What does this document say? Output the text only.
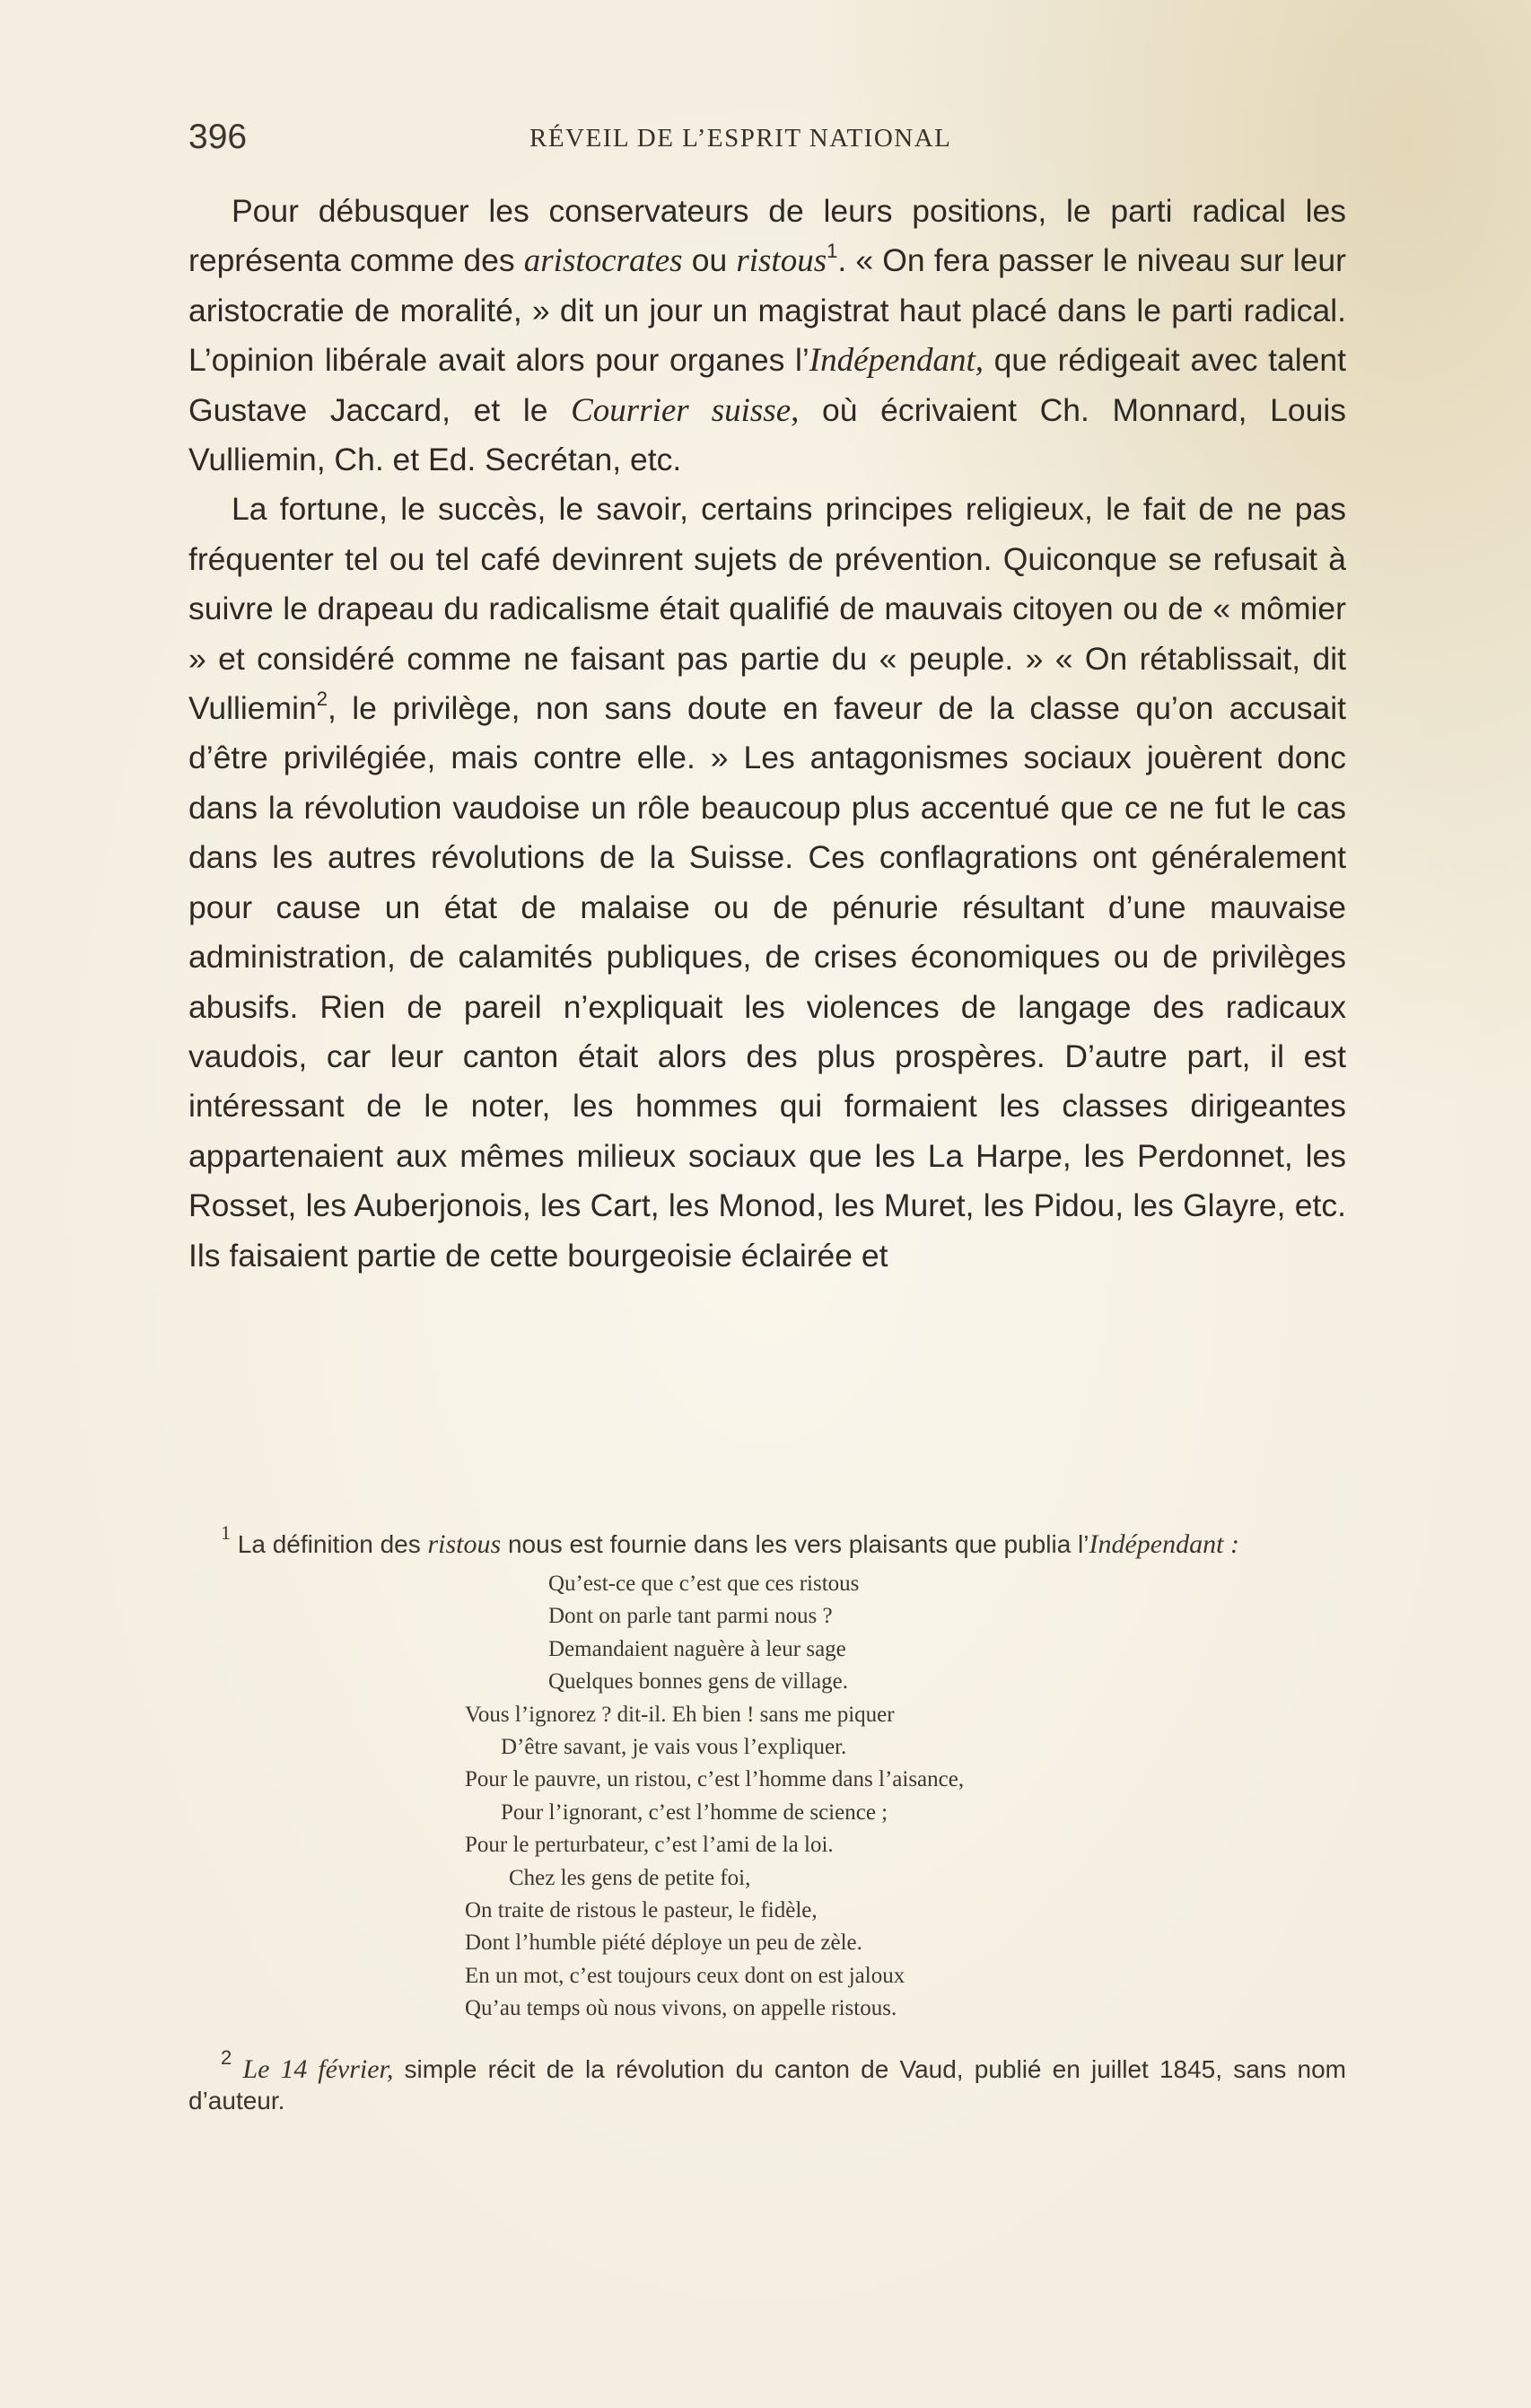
396	RÉVEIL DE L’ESPRIT NATIONAL

Pour débusquer les conservateurs de leurs positions, le parti radical les représenta comme des aristocrates ou ristous$^1$. « On fera passer le niveau sur leur aristocratie de moralité, » dit un jour un magistrat haut placé dans le parti radical. L’opinion libérale avait alors pour organes l’Indépendant, que rédigeait avec talent Gustave Jaccard, et le Courrier suisse, où écrivaient Ch. Monnard, Louis Vulliemin, Ch. et Ed. Secrétan, etc.

La fortune, le succès, le savoir, certains principes religieux, le fait de ne pas fréquenter tel ou tel café devinrent sujets de prévention. Quiconque se refusait à suivre le drapeau du radicalisme était qualifié de mauvais citoyen ou de « mômier » et considéré comme ne faisant pas partie du « peuple. » « On rétablissait, dit Vulliemin$^2$, le privilège, non sans doute en faveur de la classe qu’on accusait d’être privilégiée, mais contre elle. » Les antagonismes sociaux jouèrent donc dans la révolution vaudoise un rôle beaucoup plus accentué que ce ne fut le cas dans les autres révolutions de la Suisse. Ces conflagrations ont généralement pour cause un état de malaise ou de pénurie résultant d’une mauvaise administration, de calamités publiques, de crises économiques ou de privilèges abusifs. Rien de pareil n’expliquait les violences de langage des radicaux vaudois, car leur canton était alors des plus prospères. D’autre part, il est intéressant de le noter, les hommes qui formaient les classes dirigeantes appartenaient aux mêmes milieux sociaux que les La Harpe, les Perdonnet, les Rosset, les Auberjonois, les Cart, les Monod, les Muret, les Pidou, les Glayre, etc. Ils faisaient partie de cette bourgeoisie éclairée et

$^1$ La définition des ristous nous est fournie dans les vers plaisants que publia l’Indépendant :

Qu’est-ce que c’est que ces ristous
Dont on parle tant parmi nous ?
Demandaient naguère à leur sage
Quelques bonnes gens de village.
Vous l’ignorez ? dit-il. Eh bien ! sans me piquer
D’être savant, je vais vous l’expliquer.
Pour le pauvre, un ristou, c’est l’homme dans l’aisance,
Pour l’ignorant, c’est l’homme de science ;
Pour le perturbateur, c’est l’ami de la loi.
Chez les gens de petite foi,
On traite de ristous le pasteur, le fidèle,
Dont l’humble piété déploye un peu de zèle.
En un mot, c’est toujours ceux dont on est jaloux
Qu’au temps où nous vivons, on appelle ristous.

$^2$ Le 14 février, simple récit de la révolution du canton de Vaud, publié en juillet 1845, sans nom d’auteur.
